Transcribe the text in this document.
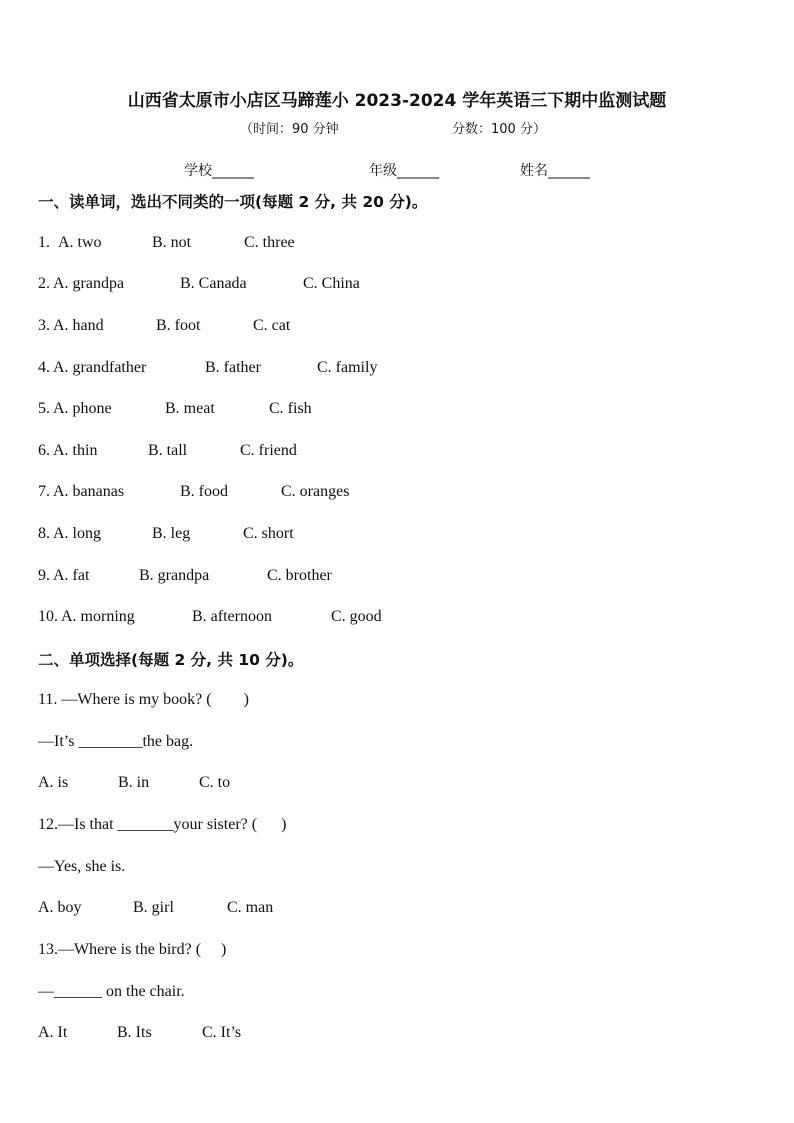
山西省太原市小店区马蹄莲小 2023-2024 学年英语三下期中监测试题
（时间：90 分钟	分数：100 分）
学校______	年级______	姓名______
一、读单词，选出不同类的一项(每题 2 分, 共 20 分)。
1. A. two	B. not	C. three
2. A. grandpa	B. Canada	C. China
3. A. hand	B. foot	C. cat
4. A. grandfather	B. father	C. family
5. A. phone	B. meat	C. fish
6. A. thin	B. tall	C. friend
7. A. bananas	B. food	C. oranges
8. A. long	B. leg	C. short
9. A. fat	B. grandpa	C. brother
10. A. morning	B. afternoon	C. good
二、单项选择(每题 2 分, 共 10 分)。
11. —Where is my book? (        )
—It’s ________the bag.
A. is	B. in	C. to
12.—Is that _______your sister? (      )
—Yes, she is.
A. boy	B. girl	C. man
13.—Where is the bird? (     )
—______ on the chair.
A. It	B. Its	C. It’s
